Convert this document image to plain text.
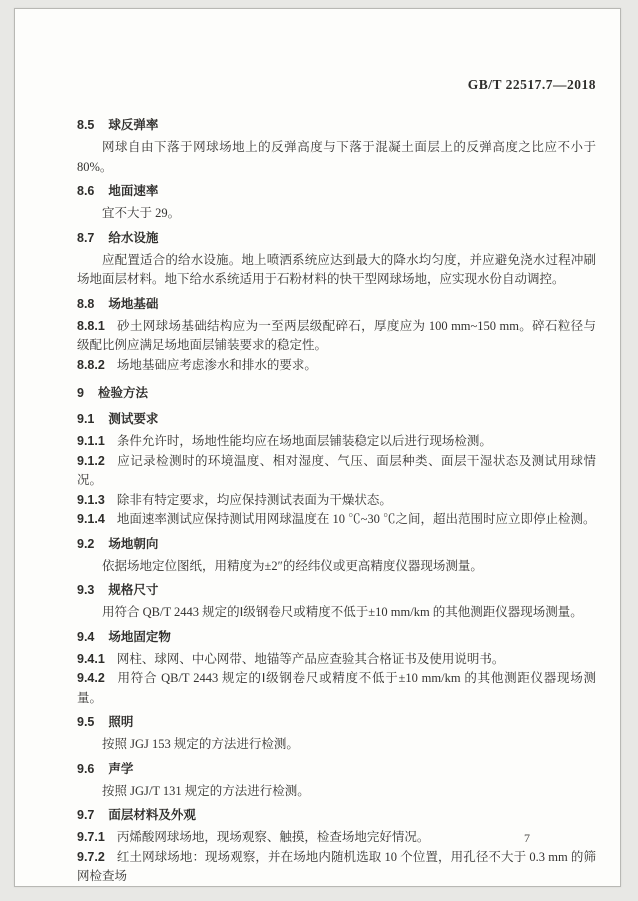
GB/T 22517.7—2018
8.5 球反弹率

网球自由下落于网球场地上的反弹高度与下落于混凝土面层上的反弹高度之比应不小于 80%。

8.6 地面速率

宜不大于 29。

8.7 给水设施

应配置适合的给水设施。地上喷洒系统应达到最大的降水均匀度，并应避免浇水过程冲刷场地面层材料。地下给水系统适用于石粉材料的快干型网球场地，应实现水份自动调控。

8.8 场地基础

8.8.1 砂土网球场基础结构应为一至两层级配碎石，厚度应为 100 mm~150 mm。碎石粒径与级配比例应满足场地面层铺装要求的稳定性。

8.8.2 场地基础应考虑渗水和排水的要求。

9 检验方法
9.1 测试要求

9.1.1 条件允许时，场地性能均应在场地面层铺装稳定以后进行现场检测。

9.1.2 应记录检测时的环境温度、相对湿度、气压、面层种类、面层干湿状态及测试用球情况。

9.1.3 除非有特定要求，均应保持测试表面为干燥状态。

9.1.4 地面速率测试应保持测试用网球温度在 10 ℃~30 ℃之间，超出范围时应立即停止检测。

9.2 场地朝向

依据场地定位图纸，用精度为±2″的经纬仪或更高精度仪器现场测量。

9.3 规格尺寸

用符合 QB/T 2443 规定的Ⅰ级钢卷尺或精度不低于±10 mm/km 的其他测距仪器现场测量。

9.4 场地固定物

9.4.1 网柱、球网、中心网带、地锚等产品应查验其合格证书及使用说明书。

9.4.2 用符合 QB/T 2443 规定的Ⅰ级钢卷尺或精度不低于±10 mm/km 的其他测距仪器现场测量。

9.5 照明

按照 JGJ 153 规定的方法进行检测。

9.6 声学

按照 JGJ/T 131 规定的方法进行检测。

9.7 面层材料及外观

9.7.1 丙烯酸网球场地，现场观察、触摸，检查场地完好情况。

9.7.2 红土网球场地：现场观察，并在场地内随机选取 10 个位置，用孔径不大于 0.3 mm 的筛网检查场

7
